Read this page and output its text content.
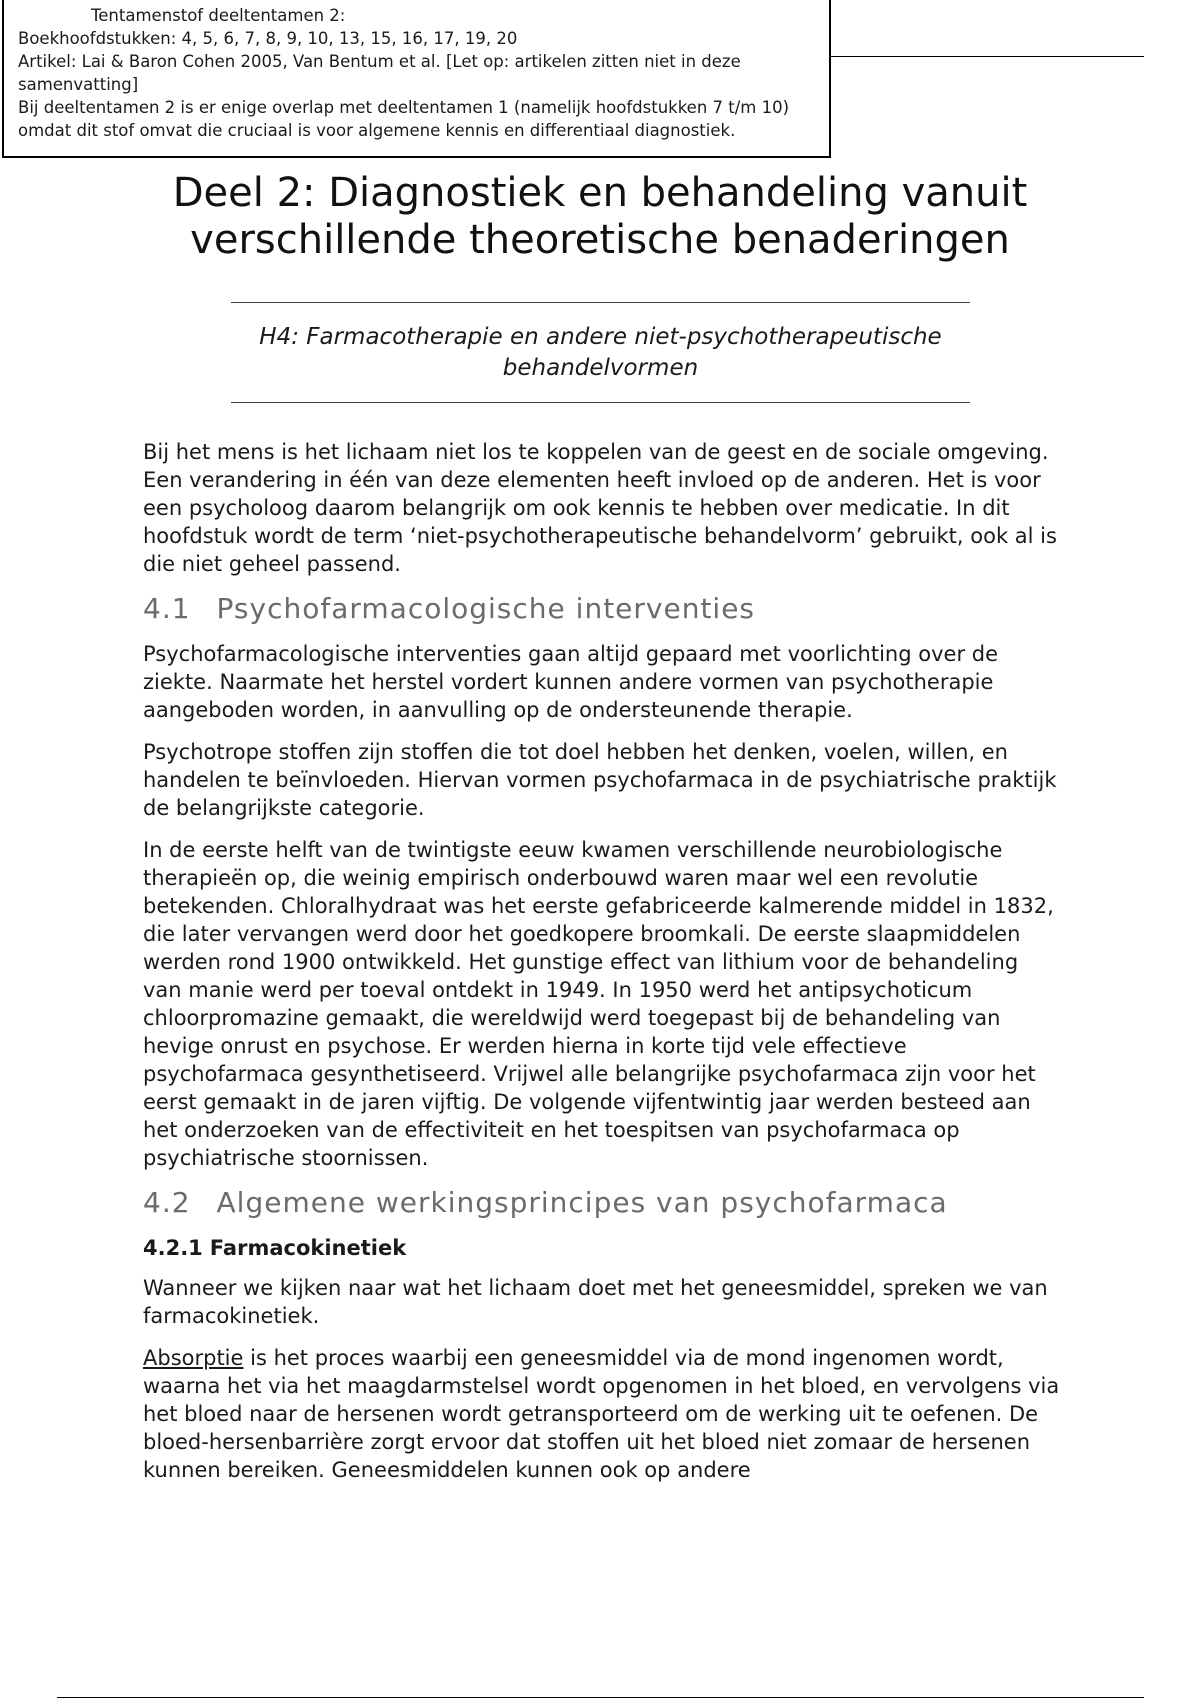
Tentamenstof deeltentamen 2:

Boekhoofdstukken: 4, 5, 6, 7, 8, 9, 10, 13, 15, 16, 17, 19, 20

Artikel: Lai & Baron Cohen 2005, Van Bentum et al. [Let op: artikelen zitten niet in deze samenvatting]

Bij deeltentamen 2 is er enige overlap met deeltentamen 1 (namelijk hoofdstukken 7 t/m 10) omdat dit stof omvat die cruciaal is voor algemene kennis en differentiaal diagnostiek.

Deel 2: Diagnostiek en behandeling vanuit verschillende theoretische benaderingen

H4: Farmacotherapie en andere niet-psychotherapeutische behandelvormen

Bij het mens is het lichaam niet los te koppelen van de geest en de sociale omgeving. Een verandering in één van deze elementen heeft invloed op de anderen. Het is voor een psycholoog daarom belangrijk om ook kennis te hebben over medicatie. In dit hoofdstuk wordt de term ‘niet-psychotherapeutische behandelvorm’ gebruikt, ook al is die niet geheel passend.

4.1 Psychofarmacologische interventies

Psychofarmacologische interventies gaan altijd gepaard met voorlichting over de ziekte. Naarmate het herstel vordert kunnen andere vormen van psychotherapie aangeboden worden, in aanvulling op de ondersteunende therapie.

Psychotrope stoffen zijn stoffen die tot doel hebben het denken, voelen, willen, en handelen te beïnvloeden. Hiervan vormen psychofarmaca in de psychiatrische praktijk de belangrijkste categorie.

In de eerste helft van de twintigste eeuw kwamen verschillende neurobiologische therapieën op, die weinig empirisch onderbouwd waren maar wel een revolutie betekenden. Chloralhydraat was het eerste gefabriceerde kalmerende middel in 1832, die later vervangen werd door het goedkopere broomkali. De eerste slaapmiddelen werden rond 1900 ontwikkeld. Het gunstige effect van lithium voor de behandeling van manie werd per toeval ontdekt in 1949. In 1950 werd het antipsychoticum chloorpromazine gemaakt, die wereldwijd werd toegepast bij de behandeling van hevige onrust en psychose. Er werden hierna in korte tijd vele effectieve psychofarmaca gesynthetiseerd. Vrijwel alle belangrijke psychofarmaca zijn voor het eerst gemaakt in de jaren vijftig. De volgende vijfentwintig jaar werden besteed aan het onderzoeken van de effectiviteit en het toespitsen van psychofarmaca op psychiatrische stoornissen.

4.2 Algemene werkingsprincipes van psychofarmaca
4.2.1 Farmacokinetiek

Wanneer we kijken naar wat het lichaam doet met het geneesmiddel, spreken we van farmacokinetiek.

Absorptie is het proces waarbij een geneesmiddel via de mond ingenomen wordt, waarna het via het maagdarmstelsel wordt opgenomen in het bloed, en vervolgens via het bloed naar de hersenen wordt getransporteerd om de werking uit te oefenen. De bloed-hersenbarrière zorgt ervoor dat stoffen uit het bloed niet zomaar de hersenen kunnen bereiken. Geneesmiddelen kunnen ook op andere
